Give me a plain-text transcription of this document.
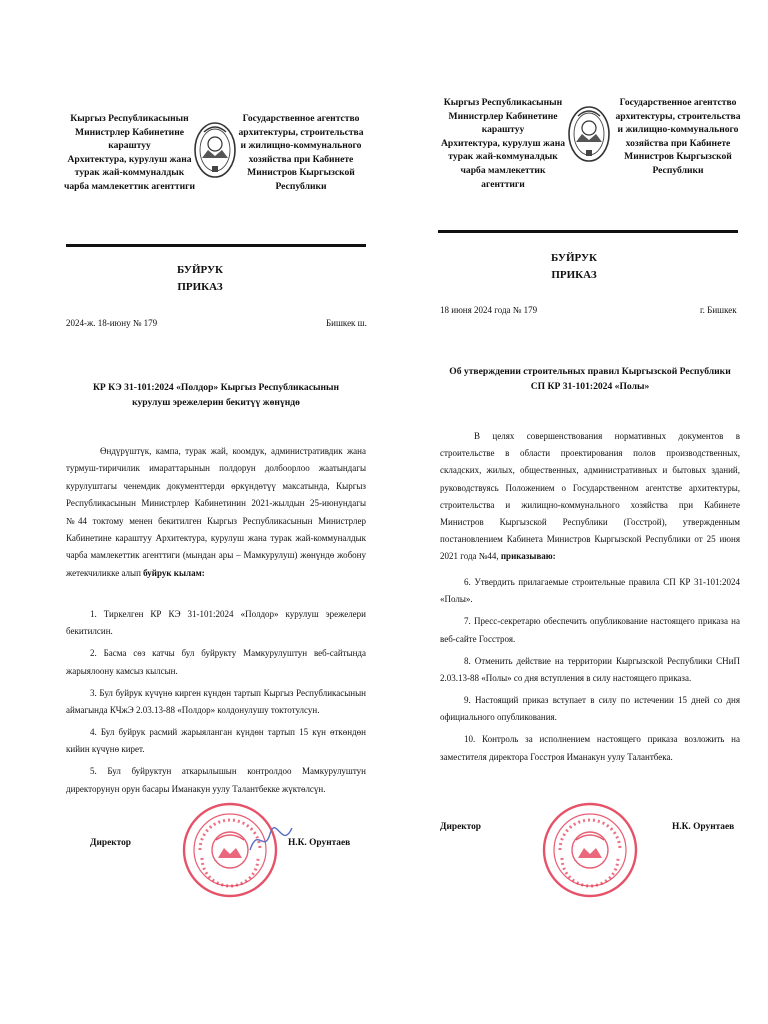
Кыргыз Республикасынын
Министрлер Кабинетине
караштуу
Архитектура, курулуш жана
турак жай-коммуналдык
чарба мамлекеттик агенттиги
Государственное агентство
архитектуры, строительства
и жилищно-коммунального
хозяйства при Кабинете
Министров Кыргызской
Республики
БУЙРУК
ПРИКАЗ
2024-ж. 18-июну № 179	Бишкек ш.
КР КЭ 31-101:2024 «Полдор» Кыргыз Республикасынын
курулуш эрежелерин бекитүү жөнүндө
Өндүрүштүк, кампа, турак жай, коомдук, административдик жана турмуш-тиричилик имараттарынын полдорун долбоорлоо жаатындагы курулуштагы ченемдик документтерди өркүндөтүү максатында, Кыргыз Республикасынын Министрлер Кабинетинин 2021-жылдын 25-июнундагы №44 токтому менен бекитилген Кыргыз Республикасынын Министрлер Кабинетине караштуу Архитектура, курулуш жана турак жай-коммуналдык чарба мамлекеттик агенттиги (мындан ары – Мамкурулуш) жөнүндө жобону жетекчиликке алып буйрук кылам:
1. Тиркелген КР КЭ 31-101:2024 «Полдор» курулуш эрежелери бекитилсин.
2. Басма сөз катчы бул буйрукту Мамкурулуштун веб-сайтында жарыялоону камсыз кылсын.
3. Бул буйрук күчүнө кирген күндөн тартып Кыргыз Республикасынын аймагында КЧжЭ 2.03.13-88 «Полдор» колдонулушу токтотулсун.
4. Бул буйрук расмий жарыяланган күндөн тартып 15 күн өткөндөн кийин күчүнө кирет.
5. Бул буйруктун аткарылышын контролдоо Мамкурулуштун директорунун орун басары Иманакун уулу Талантбекке жүктөлсүн.
Директор	Н.К. Орунтаев
Кыргыз Республикасынын
Министрлер Кабинетине
караштуу
Архитектура, курулуш жана
турак жай-коммуналдык
чарба мамлекеттик агенттиги
Государственное агентство
архитектуры, строительства
и жилищно-коммунального
хозяйства при Кабинете
Министров Кыргызской
Республики
БУЙРУК
ПРИКАЗ
18 июня 2024 года № 179	г. Бишкек
Об утверждении строительных правил Кыргызской Республики
СП КР 31-101:2024 «Полы»
В целях совершенствования нормативных документов в строительстве в области проектирования полов производственных, складских, жилых, общественных, административных и бытовых зданий, руководствуясь Положением о Государственном агентстве архитектуры, строительства и жилищно-коммунального хозяйства при Кабинете Министров Кыргызской Республики (Госстрой), утвержденным постановлением Кабинета Министров Кыргызской Республики от 25 июня 2021 года №44, приказываю:
6. Утвердить прилагаемые строительные правила СП КР 31-101:2024 «Полы».
7. Пресс-секретарю обеспечить опубликование настоящего приказа на веб-сайте Госстроя.
8. Отменить действие на территории Кыргызской Республики СНиП 2.03.13-88 «Полы» со дня вступления в силу настоящего приказа.
9. Настоящий приказ вступает в силу по истечении 15 дней со дня официального опубликования.
10. Контроль за исполнением настоящего приказа возложить на заместителя директора Госстроя Иманакун уулу Талантбека.
Директор	Н.К. Орунтаев
